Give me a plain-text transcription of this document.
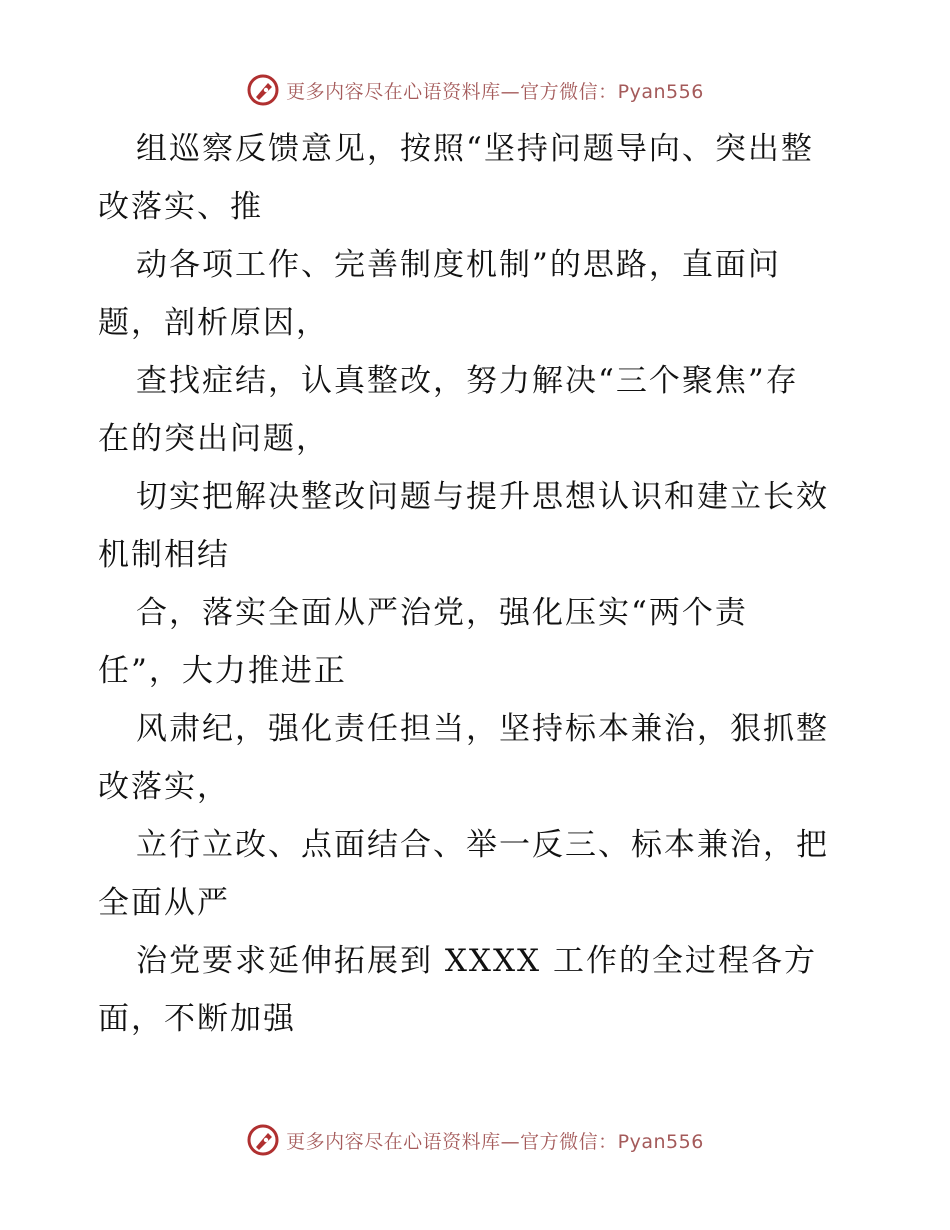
更多内容尽在心语资料库—官方微信：Pyan556
组巡察反馈意见，按照“坚持问题导向、突出整
改落实、推
动各项工作、完善制度机制”的思路，直面问
题，剖析原因，
查找症结，认真整改，努力解决“三个聚焦”存
在的突出问题，
切实把解决整改问题与提升思想认识和建立长效
机制相结
合，落实全面从严治党，强化压实“两个责
任”，大力推进正
风肃纪，强化责任担当，坚持标本兼治，狠抓整
改落实，
立行立改、点面结合、举一反三、标本兼治，把
全面从严
治党要求延伸拓展到 XXXX 工作的全过程各方
面，不断加强
更多内容尽在心语资料库—官方微信：Pyan556
